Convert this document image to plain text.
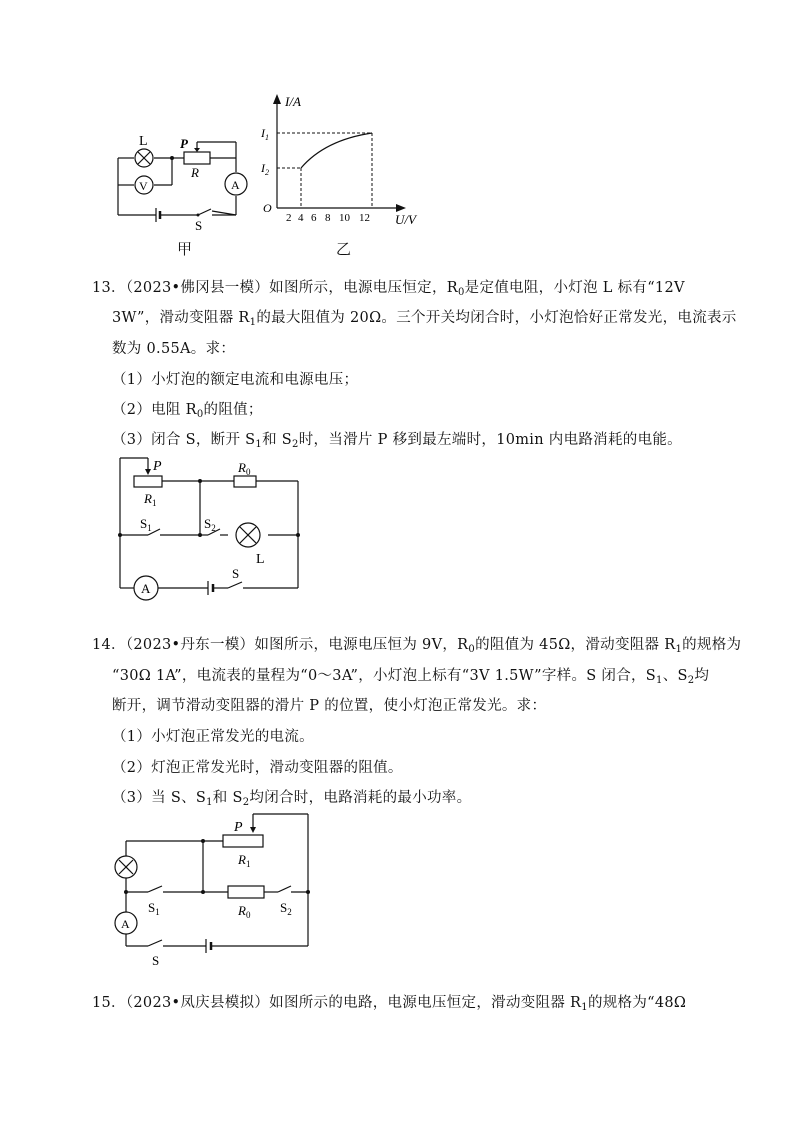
L
V
P
R
A
S
甲
I/A
$I_1$
$I_2$
O
2 4 6 8 10 12 U/V
乙
13．（2023•佛冈县一模）如图所示，电源电压恒定，$R_0$是定值电阻，小灯泡 L 标有“12V
3W”，滑动变阻器 $R_1$的最大阻值为 20Ω。三个开关均闭合时，小灯泡恰好正常发光，电流表示
数为 0.55A。求：
（1）小灯泡的额定电流和电源电压；
（2）电阻 $R_0$的阻值；
（3）闭合 S，断开 $S_1$和 $S_2$时，当滑片 P 移到最左端时，10min 内电路消耗的电能。
P
$R_1$
$R_0$
$S_1$	$S_2$
L
A
S
14．（2023•丹东一模）如图所示，电源电压恒为 9V，$R_0$的阻值为 45Ω，滑动变阻器 $R_1$的规格为
“30Ω 1A”，电流表的量程为“0～3A”，小灯泡上标有“3V 1.5W”字样。S 闭合，$S_1$、$S_2$均
断开，调节滑动变阻器的滑片 P 的位置，使小灯泡正常发光。求：
（1）小灯泡正常发光的电流。
（2）灯泡正常发光时，滑动变阻器的阻值。
（3）当 S、$S_1$和 $S_2$均闭合时，电路消耗的最小功率。
P
$R_1$
$R_0$
$S_1$	$S_2$
A
S
15．（2023•凤庆县模拟）如图所示的电路，电源电压恒定，滑动变阻器 $R_1$的规格为“48Ω
